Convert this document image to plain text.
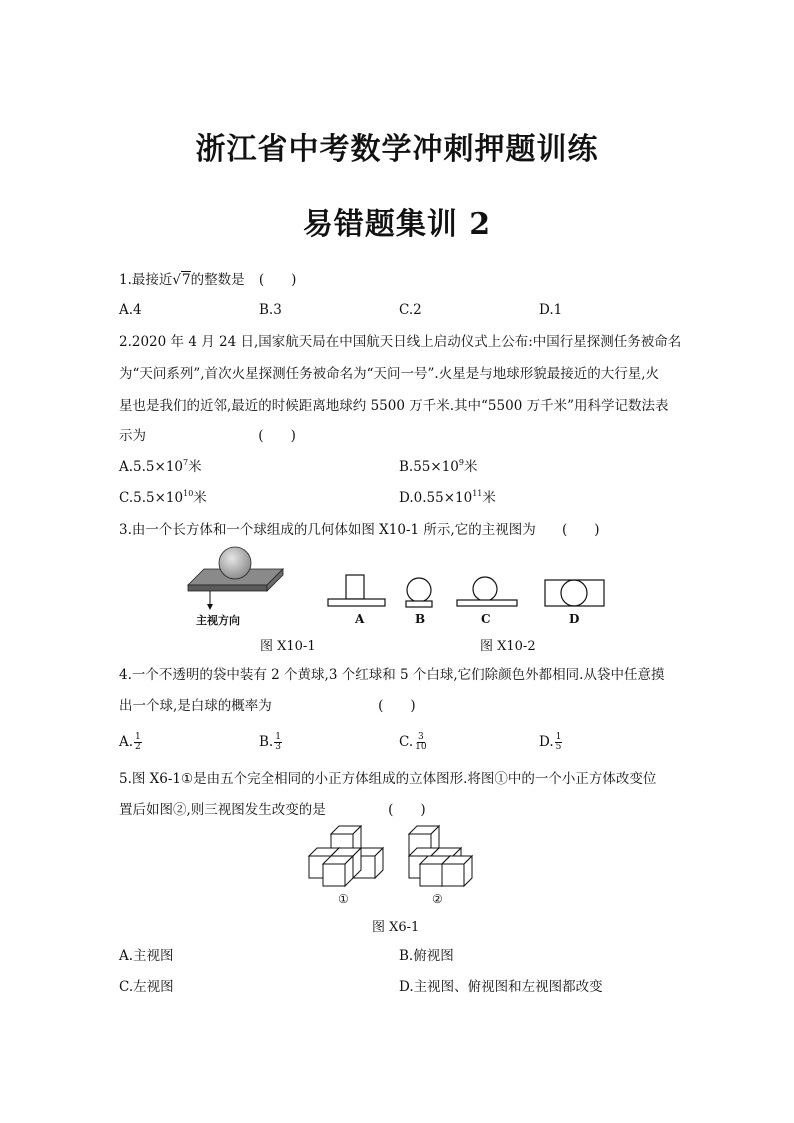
浙江省中考数学冲刺押题训练
易错题集训 2
1.最接近√7的整数是 (　　)
A.4	B.3	C.2	D.1
2.2020 年 4 月 24 日,国家航天局在中国航天日线上启动仪式上公布:中国行星探测任务被命名
为“天问系列”,首次火星探测任务被命名为“天问一号”.火星是与地球形貌最接近的大行星,火
星也是我们的近邻,最近的时候距离地球约 5500 万千米.其中“5500 万千米”用科学记数法表
示为	(　　)
$A.5.5\times 10^7$米	$B.55\times 10^9$米
$C.5.5\times 10^{10}$米	$D.0.55\times 10^{11}$米
3.由一个长方体和一个球组成的几何体如图 X10-1 所示,它的主视图为 (　　)
主视方向	A	B	C	D
图 X10-1	图 X10-2
4.一个不透明的袋中装有 2 个黄球,3 个红球和 5 个白球,它们除颜色外都相同.从袋中任意摸
出一个球,是白球的概率为	(　　)
A. $\frac{1}{2}$	B. $\frac{1}{3}$	C. $\frac{3}{10}$	D. $\frac{1}{5}$
5.图 X6-1①是由五个完全相同的小正方体组成的立体图形.将图①中的一个小正方体改变位
置后如图②,则三视图发生改变的是	(　　)
①	②
图 X6-1
A.主视图	B.俯视图
C.左视图	D.主视图、俯视图和左视图都改变
